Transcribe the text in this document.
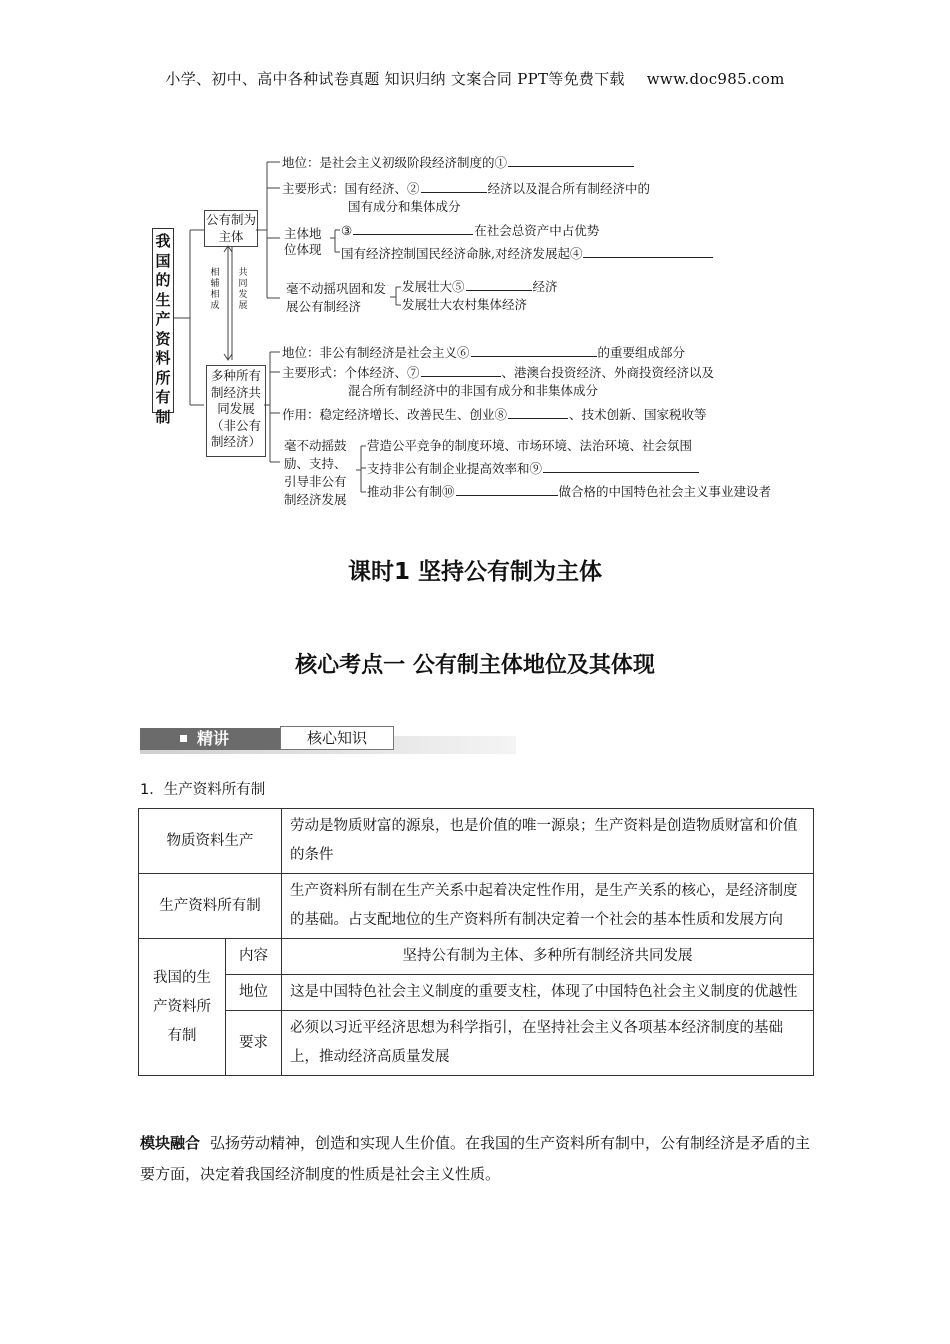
小学、初中、高中各种试卷真题 知识归纳 文案合同 PPT等免费下载 www.doc985.com
我国的生产资料所有制
公有制为主体
相辅相成
共同发展
地位：是社会主义初级阶段经济制度的①
主要形式：国有经济、②	经济以及混合所有制经济中的
国有成分和集体成分
主体地位体现
③	在社会总资产中占优势
国有经济控制国民经济命脉,对经济发展起④
毫不动摇巩固和发展公有制经济
发展壮大⑤	经济
发展壮大农村集体经济
多种所有制经济共同发展（非公有制经济）
地位：非公有制经济是社会主义⑥	的重要组成部分
主要形式：个体经济、⑦	、港澳台投资经济、外商投资经济以及
混合所有制经济中的非国有成分和非集体成分
作用：稳定经济增长、改善民生、创业⑧	、技术创新、国家税收等
毫不动摇鼓励、支持、引导非公有制经济发展
营造公平竞争的制度环境、市场环境、法治环境、社会氛围
支持非公有制企业提高效率和⑨
推动非公有制⑩	做合格的中国特色社会主义事业建设者
课时1 坚持公有制为主体
核心考点一 公有制主体地位及其体现
精讲	核心知识
1．生产资料所有制
物质资料生产		劳动是物质财富的源泉，也是价值的唯一源泉；生产资料是创造物质财富和价值的条件
生产资料所有制		生产资料所有制在生产关系中起着决定性作用，是生产关系的核心，是经济制度的基础。占支配地位的生产资料所有制决定着一个社会的基本性质和发展方向
我国的生产资料所有制	内容	坚持公有制为主体、多种所有制经济共同发展
	地位	这是中国特色社会主义制度的重要支柱，体现了中国特色社会主义制度的优越性
	要求	必须以习近平经济思想为科学指引，在坚持社会主义各项基本经济制度的基础上，推动经济高质量发展
模块融合 弘扬劳动精神，创造和实现人生价值。在我国的生产资料所有制中，公有制经济是矛盾的主要方面，决定着我国经济制度的性质是社会主义性质。
